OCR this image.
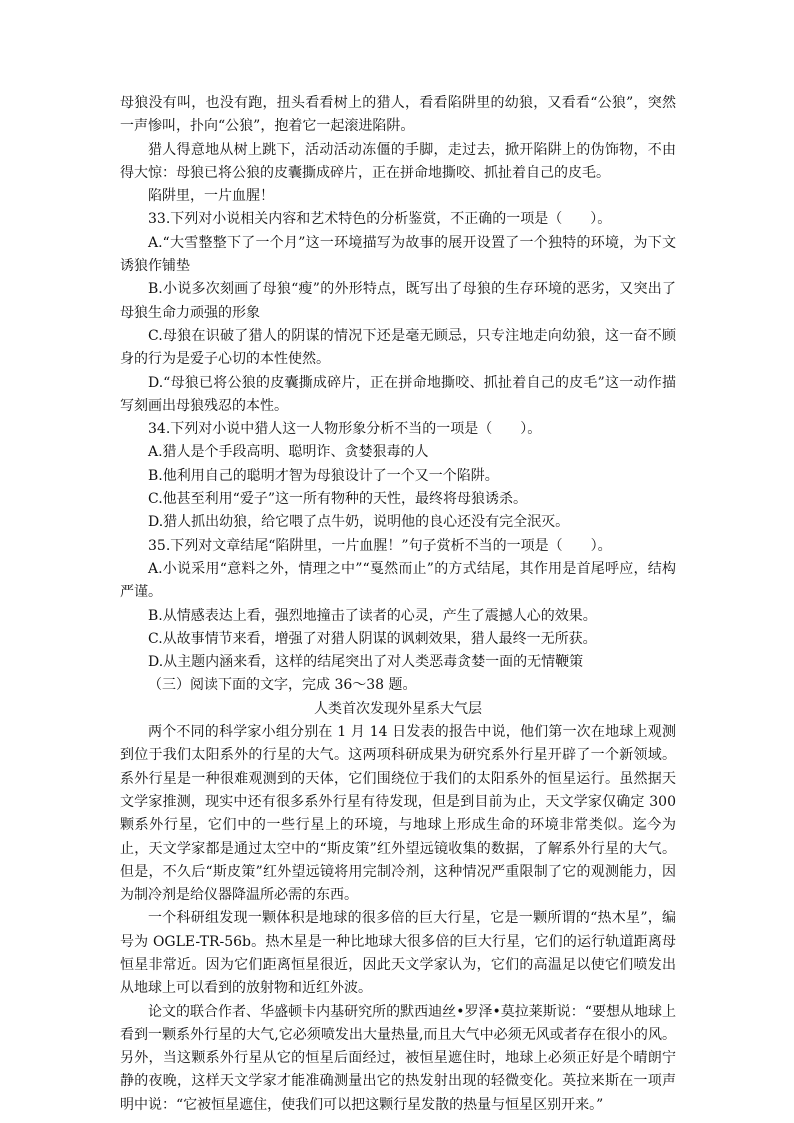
母狼没有叫，也没有跑，扭头看看树上的猎人，看看陷阱里的幼狼，又看看“公狼”，突然一声惨叫，扑向“公狼”，抱着它一起滚进陷阱。

猎人得意地从树上跳下，活动活动冻僵的手脚，走过去，掀开陷阱上的伪饰物，不由得大惊：母狼已将公狼的皮囊撕成碎片，正在拼命地撕咬、抓扯着自己的皮毛。

陷阱里，一片血腥！

33.下列对小说相关内容和艺术特色的分析鉴赏，不正确的一项是（　　）。

A.“大雪整整下了一个月”这一环境描写为故事的展开设置了一个独特的环境，为下文诱狼作铺垫

B.小说多次刻画了母狼“瘦”的外形特点，既写出了母狼的生存环境的恶劣，又突出了母狼生命力顽强的形象

C.母狼在识破了猎人的阴谋的情况下还是毫无顾忌，只专注地走向幼狼，这一奋不顾身的行为是爱子心切的本性使然。

D.“母狼已将公狼的皮囊撕成碎片，正在拼命地撕咬、抓扯着自己的皮毛”这一动作描写刻画出母狼残忍的本性。

34.下列对小说中猎人这一人物形象分析不当的一项是（　　）。

A.猎人是个手段高明、聪明诈、贪婪狠毒的人

B.他利用自己的聪明才智为母狼设计了一个又一个陷阱。

C.他甚至利用“爱子”这一所有物种的天性，最终将母狼诱杀。

D.猎人抓出幼狼，给它喂了点牛奶，说明他的良心还没有完全泯灭。

35.下列对文章结尾“陷阱里，一片血腥！”句子赏析不当的一项是（　　）。

A.小说采用“意料之外，情理之中”“戛然而止”的方式结尾，其作用是首尾呼应，结构严谨。

B.从情感表达上看，强烈地撞击了读者的心灵，产生了震撼人心的效果。

C.从故事情节来看，增强了对猎人阴谋的讽刺效果，猎人最终一无所获。

D.从主题内涵来看，这样的结尾突出了对人类恶毒贪婪一面的无情鞭策

（三）阅读下面的文字，完成 36～38 题。

人类首次发现外星系大气层

两个不同的科学家小组分别在 1 月 14 日发表的报告中说，他们第一次在地球上观测到位于我们太阳系外的行星的大气。这两项科研成果为研究系外行星开辟了一个新领域。系外行星是一种很难观测到的天体，它们围绕位于我们的太阳系外的恒星运行。虽然据天文学家推测，现实中还有很多系外行星有待发现，但是到目前为止，天文学家仅确定 300 颗系外行星，它们中的一些行星上的环境，与地球上形成生命的环境非常类似。迄今为止，天文学家都是通过太空中的“斯皮策”红外望远镜收集的数据，了解系外行星的大气。但是，不久后“斯皮策”红外望远镜将用完制冷剂，这种情况严重限制了它的观测能力，因为制冷剂是给仪器降温所必需的东西。

一个科研组发现一颗体积是地球的很多倍的巨大行星，它是一颗所谓的“热木星”，编号为 OGLE-TR-56b。热木星是一种比地球大很多倍的巨大行星，它们的运行轨道距离母恒星非常近。因为它们距离恒星很近，因此天文学家认为，它们的高温足以使它们喷发出从地球上可以看到的放射物和近红外波。

论文的联合作者、华盛顿卡内基研究所的默西迪丝•罗泽•莫拉莱斯说：“要想从地球上看到一颗系外行星的大气,它必须喷发出大量热量,而且大气中必须无风或者存在很小的风。另外，当这颗系外行星从它的恒星后面经过，被恒星遮住时，地球上必须正好是个晴朗宁静的夜晚，这样天文学家才能准确测量出它的热发射出现的轻微变化。英拉来斯在一项声明中说：“它被恒星遮住，使我们可以把这颗行星发散的热量与恒星区别开来。”
